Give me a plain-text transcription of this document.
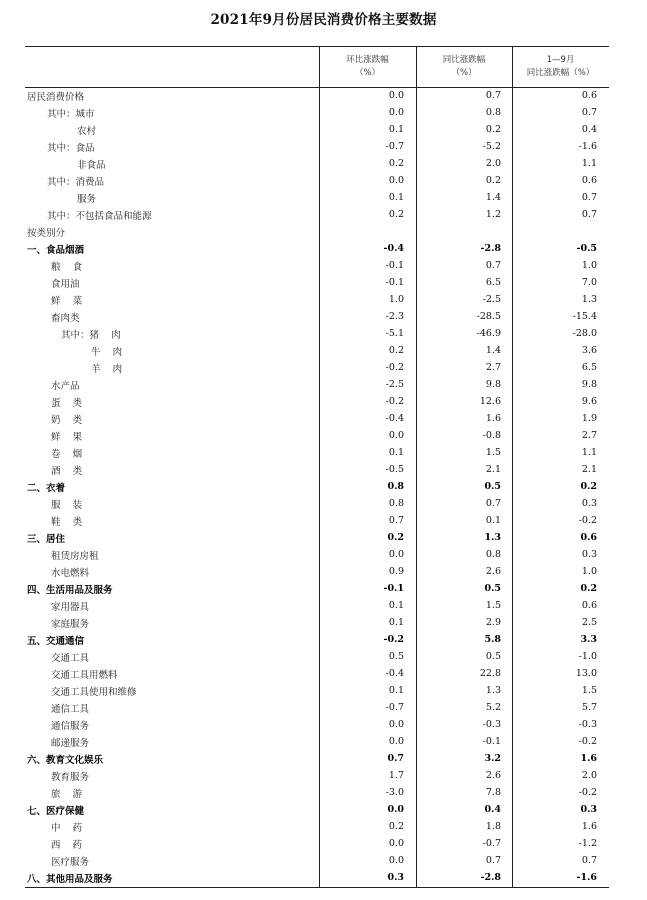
2021年9月份居民消费价格主要数据
环比涨跌幅
（%）
同比涨跌幅
（%）
1—9月
同比涨跌幅（%）
居民消费价格	0.0	0.7	0.6
其中：城市	0.0	0.8	0.7
农村	0.1	0.2	0.4
其中：食品	-0.7	-5.2	-1.6
非食品	0.2	2.0	1.1
其中：消费品	0.0	0.2	0.6
服务	0.1	1.4	0.7
其中：不包括食品和能源	0.2	1.2	0.7
按类别分
一、食品烟酒	-0.4	-2.8	-0.5
粮    食	-0.1	0.7	1.0
食用油	-0.1	6.5	7.0
鲜    菜	1.0	-2.5	1.3
畜肉类	-2.3	-28.5	-15.4
其中：猪    肉	-5.1	-46.9	-28.0
牛    肉	0.2	1.4	3.6
羊    肉	-0.2	2.7	6.5
水产品	-2.5	9.8	9.8
蛋    类	-0.2	12.6	9.6
奶    类	-0.4	1.6	1.9
鲜    果	0.0	-0.8	2.7
卷    烟	0.1	1.5	1.1
酒    类	-0.5	2.1	2.1
二、衣着	0.8	0.5	0.2
服    装	0.8	0.7	0.3
鞋    类	0.7	0.1	-0.2
三、居住	0.2	1.3	0.6
租赁房房租	0.0	0.8	0.3
水电燃料	0.9	2.6	1.0
四、生活用品及服务	-0.1	0.5	0.2
家用器具	0.1	1.5	0.6
家庭服务	0.1	2.9	2.5
五、交通通信	-0.2	5.8	3.3
交通工具	0.5	0.5	-1.0
交通工具用燃料	-0.4	22.8	13.0
交通工具使用和维修	0.1	1.3	1.5
通信工具	-0.7	5.2	5.7
通信服务	0.0	-0.3	-0.3
邮递服务	0.0	-0.1	-0.2
六、教育文化娱乐	0.7	3.2	1.6
教育服务	1.7	2.6	2.0
旅    游	-3.0	7.8	-0.2
七、医疗保健	0.0	0.4	0.3
中    药	0.2	1.8	1.6
西    药	0.0	-0.7	-1.2
医疗服务	0.0	0.7	0.7
八、其他用品及服务	0.3	-2.8	-1.6
